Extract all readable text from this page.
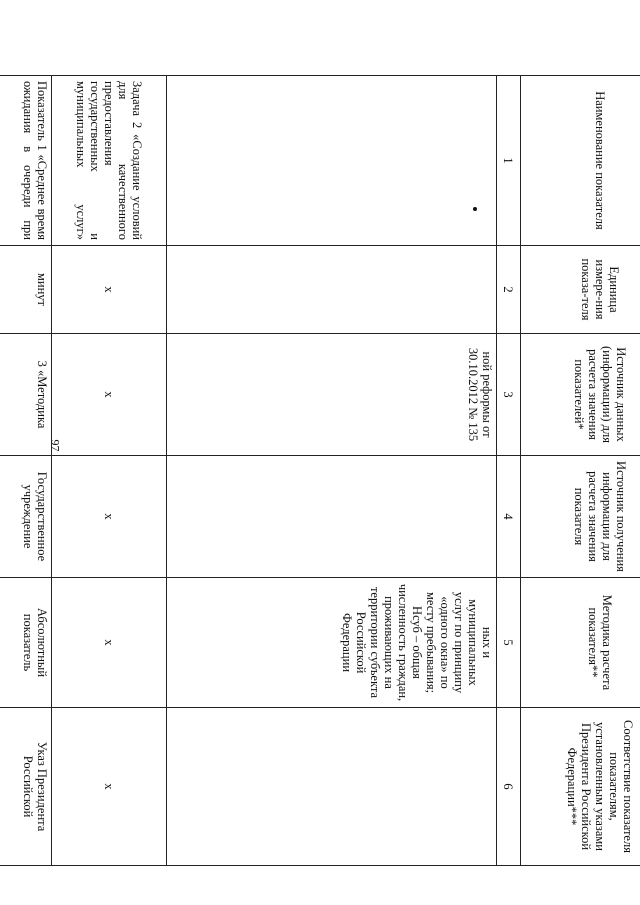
97
Наименование показателя	Единица измере-ния показа-теля	Источник данных (информации) для расчета значения показателей*	Источник получения информации для расчета значения показателя	Методика расчета показателя**	Соответствие показателя показателям, установленным указами Президента Российской Федерации***
1	2	3	4	5	6
		ной реформы от 30.10.2012 № 135		ных и муниципальных услуг по принципу «одного окна» по месту пребывания; Hсуб – общая численность граждан, проживающих на территории субъекта Российской Федерации	
Задача 2 «Создание условий для качественного предоставления государственных и муниципальных услуг»	x	x	x	x	x
Показатель 1 «Среднее время ожидания в очереди при	минут	3 «Методика	Государственное учреждение	Абсолютный показатель	Указ Президента Российской
